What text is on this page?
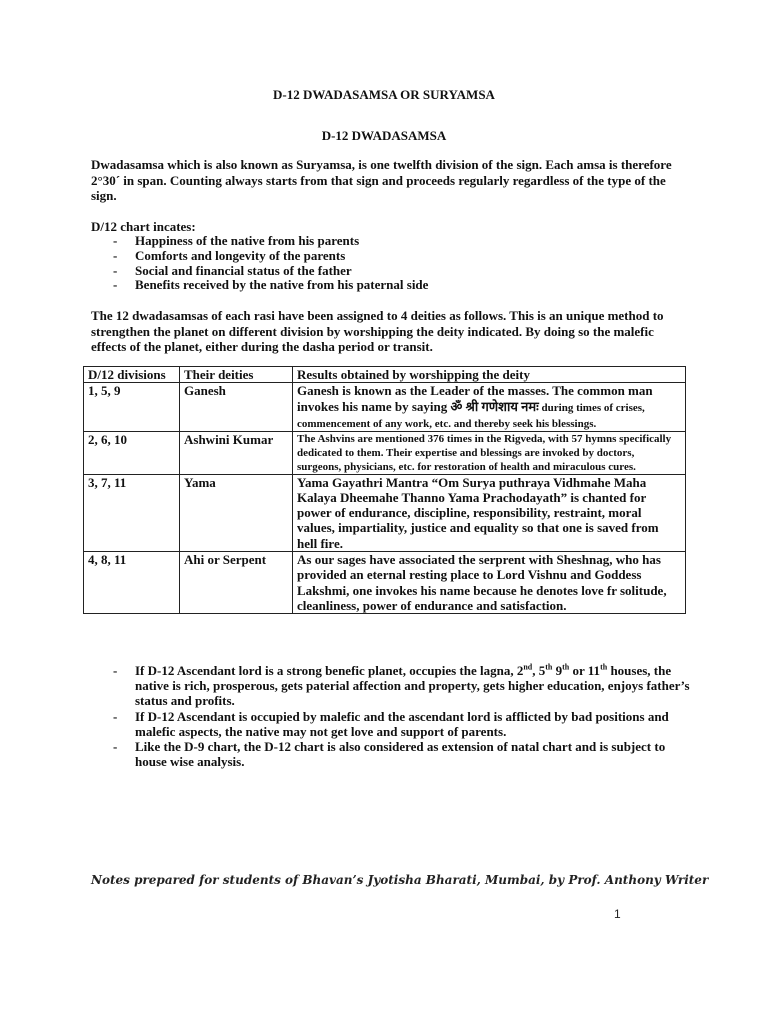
D-12 DWADASAMSA OR SURYAMSA
D-12 DWADASAMSA
Dwadasamsa which is also known as Suryamsa, is one twelfth division of the sign. Each amsa is therefore 2°30´ in span. Counting always starts from that sign and proceeds regularly regardless of the type of the sign.
D/12 chart incates:
-	Happiness of the native from his parents
-	Comforts and longevity of the parents
-	Social and financial status of the father
-	Benefits received by the native from his paternal side
The 12 dwadasamsas of each rasi have been assigned to 4 deities as follows. This is an unique method to strengthen the planet on different division by worshipping the deity indicated. By doing so the malefic effects of the planet, either during the dasha period or transit.
D/12 divisions	Their deities	Results obtained by worshipping the deity
1, 5, 9	Ganesh	Ganesh is known as the Leader of the masses. The common man invokes his name by saying ॐ श्री गणेशाय नमः during times of crises, commencement of any work, etc. and thereby seek his blessings.
2, 6, 10	Ashwini Kumar	The Ashvins are mentioned 376 times in the Rigveda, with 57 hymns specifically dedicated to them. Their expertise and blessings are invoked by doctors, surgeons, physicians, etc. for restoration of health and miraculous cures.
3, 7, 11	Yama	Yama Gayathri Mantra “Om Surya puthraya Vidhmahe Maha Kalaya Dheemahe Thanno Yama Prachodayath” is chanted for power of endurance, discipline, responsibility, restraint, moral values, impartiality, justice and equality so that one is saved from hell fire.
4, 8, 11	Ahi or Serpent	As our sages have associated the serprent with Sheshnag, who has provided an eternal resting place to Lord Vishnu and Goddess Lakshmi, one invokes his name because he denotes love fr solitude, cleanliness, power of endurance and satisfaction.
-	If D-12 Ascendant lord is a strong benefic planet, occupies the lagna, 2nd, 5th 9th or 11th houses, the native is rich, prosperous, gets paterial affection and property, gets higher education, enjoys father’s status and profits.
-	If D-12 Ascendant is occupied by malefic and the ascendant lord is afflicted by bad positions and malefic aspects, the native may not get love and support of parents.
-	Like the D-9 chart, the D-12 chart is also considered as extension of natal chart and is subject to house wise analysis.
Notes prepared for students of Bhavan’s Jyotisha Bharati, Mumbai, by Prof. Anthony Writer
1
